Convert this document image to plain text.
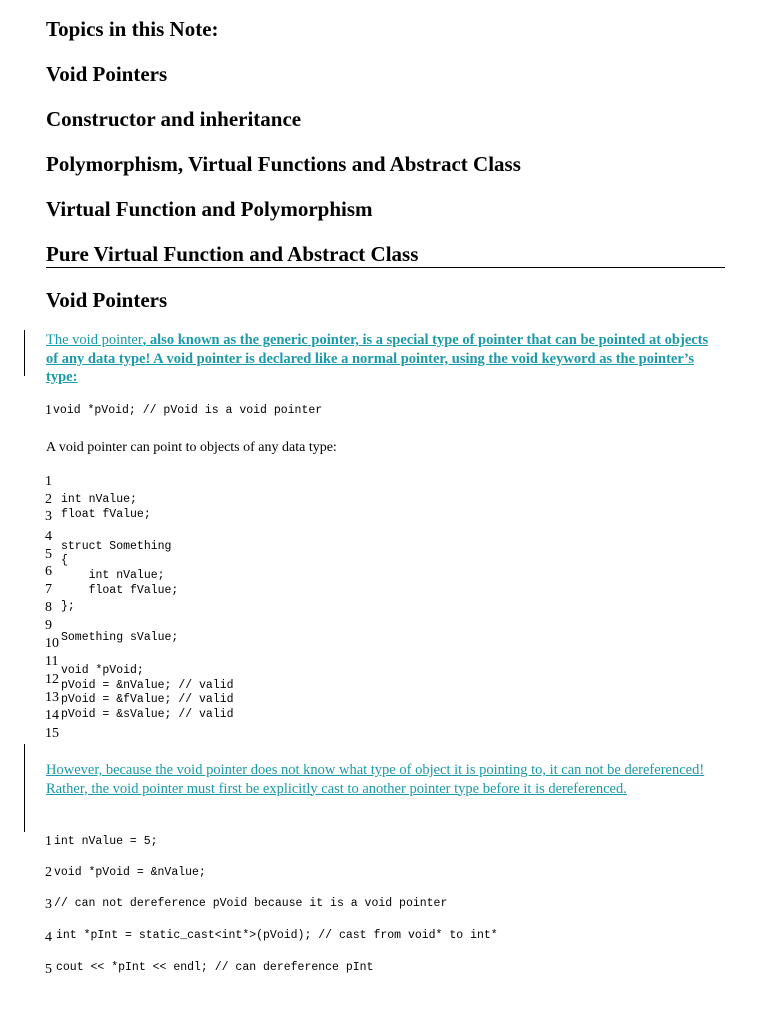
Topics in this Note:
Void Pointers
Constructor and inheritance
Polymorphism, Virtual Functions and Abstract Class
Virtual Function and Polymorphism
Pure Virtual Function and Abstract Class
Void Pointers

The void pointer, also known as the generic pointer, is a special type of pointer that can be pointed at objects of any data type! A void pointer is declared like a normal pointer, using the void keyword as the pointer’s type:

1 void *pVoid; // pVoid is a void pointer

A void pointer can point to objects of any data type:

1
2 int nValue;
3 float fValue;
4
5
struct Something
6
{
7
int nValue;
8
float fValue;
};
9
10 Something sValue;
11
void *pVoid;
12 pVoid = &nValue; // valid
13 pVoid = &fValue; // valid
14 pVoid = &sValue; // valid
15

However, because the void pointer does not know what type of object it is pointing to, it can not be dereferenced! Rather, the void pointer must first be explicitly cast to another pointer type before it is dereferenced.

1 int nValue = 5;
2 void *pVoid = &nValue;
3 // can not dereference pVoid because it is a void pointer
4 int *pInt = static_cast<int*>(pVoid); // cast from void* to int*
5 cout << *pInt << endl; // can dereference pInt
